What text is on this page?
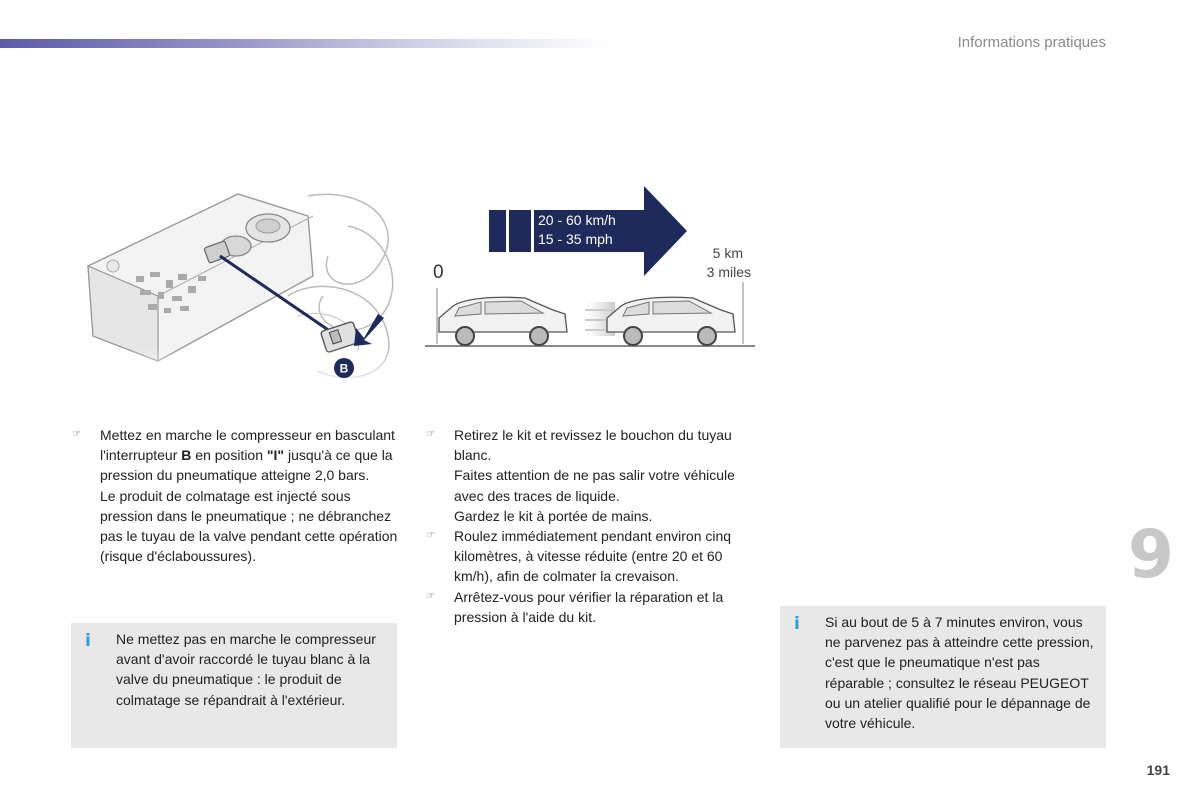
Informations pratiques
B
20 - 60 km/h
15 - 35 mph
0
5 km
3 miles
☞ Mettez en marche le compresseur en basculant l'interrupteur B en position "I" jusqu'à ce que la pression du pneumatique atteigne 2,0 bars.

Le produit de colmatage est injecté sous pression dans le pneumatique ; ne débranchez pas le tuyau de la valve pendant cette opération (risque d'éclaboussures).

i Ne mettez pas en marche le compresseur avant d'avoir raccordé le tuyau blanc à la valve du pneumatique : le produit de colmatage se répandrait à l'extérieur.
☞ Retirez le kit et revissez le bouchon du tuyau blanc.

Faites attention de ne pas salir votre véhicule avec des traces de liquide.

Gardez le kit à portée de mains.

☞ Roulez immédiatement pendant environ cinq kilomètres, à vitesse réduite (entre 20 et 60 km/h), afin de colmater la crevaison.

☞ Arrêtez-vous pour vérifier la réparation et la pression à l'aide du kit.	i Si au bout de 5 à 7 minutes environ, vous ne parvenez pas à atteindre cette pression, c'est que le pneumatique n'est pas réparable ; consultez le réseau PEUGEOT ou un atelier qualifié pour le dépannage de votre véhicule.
9
191
